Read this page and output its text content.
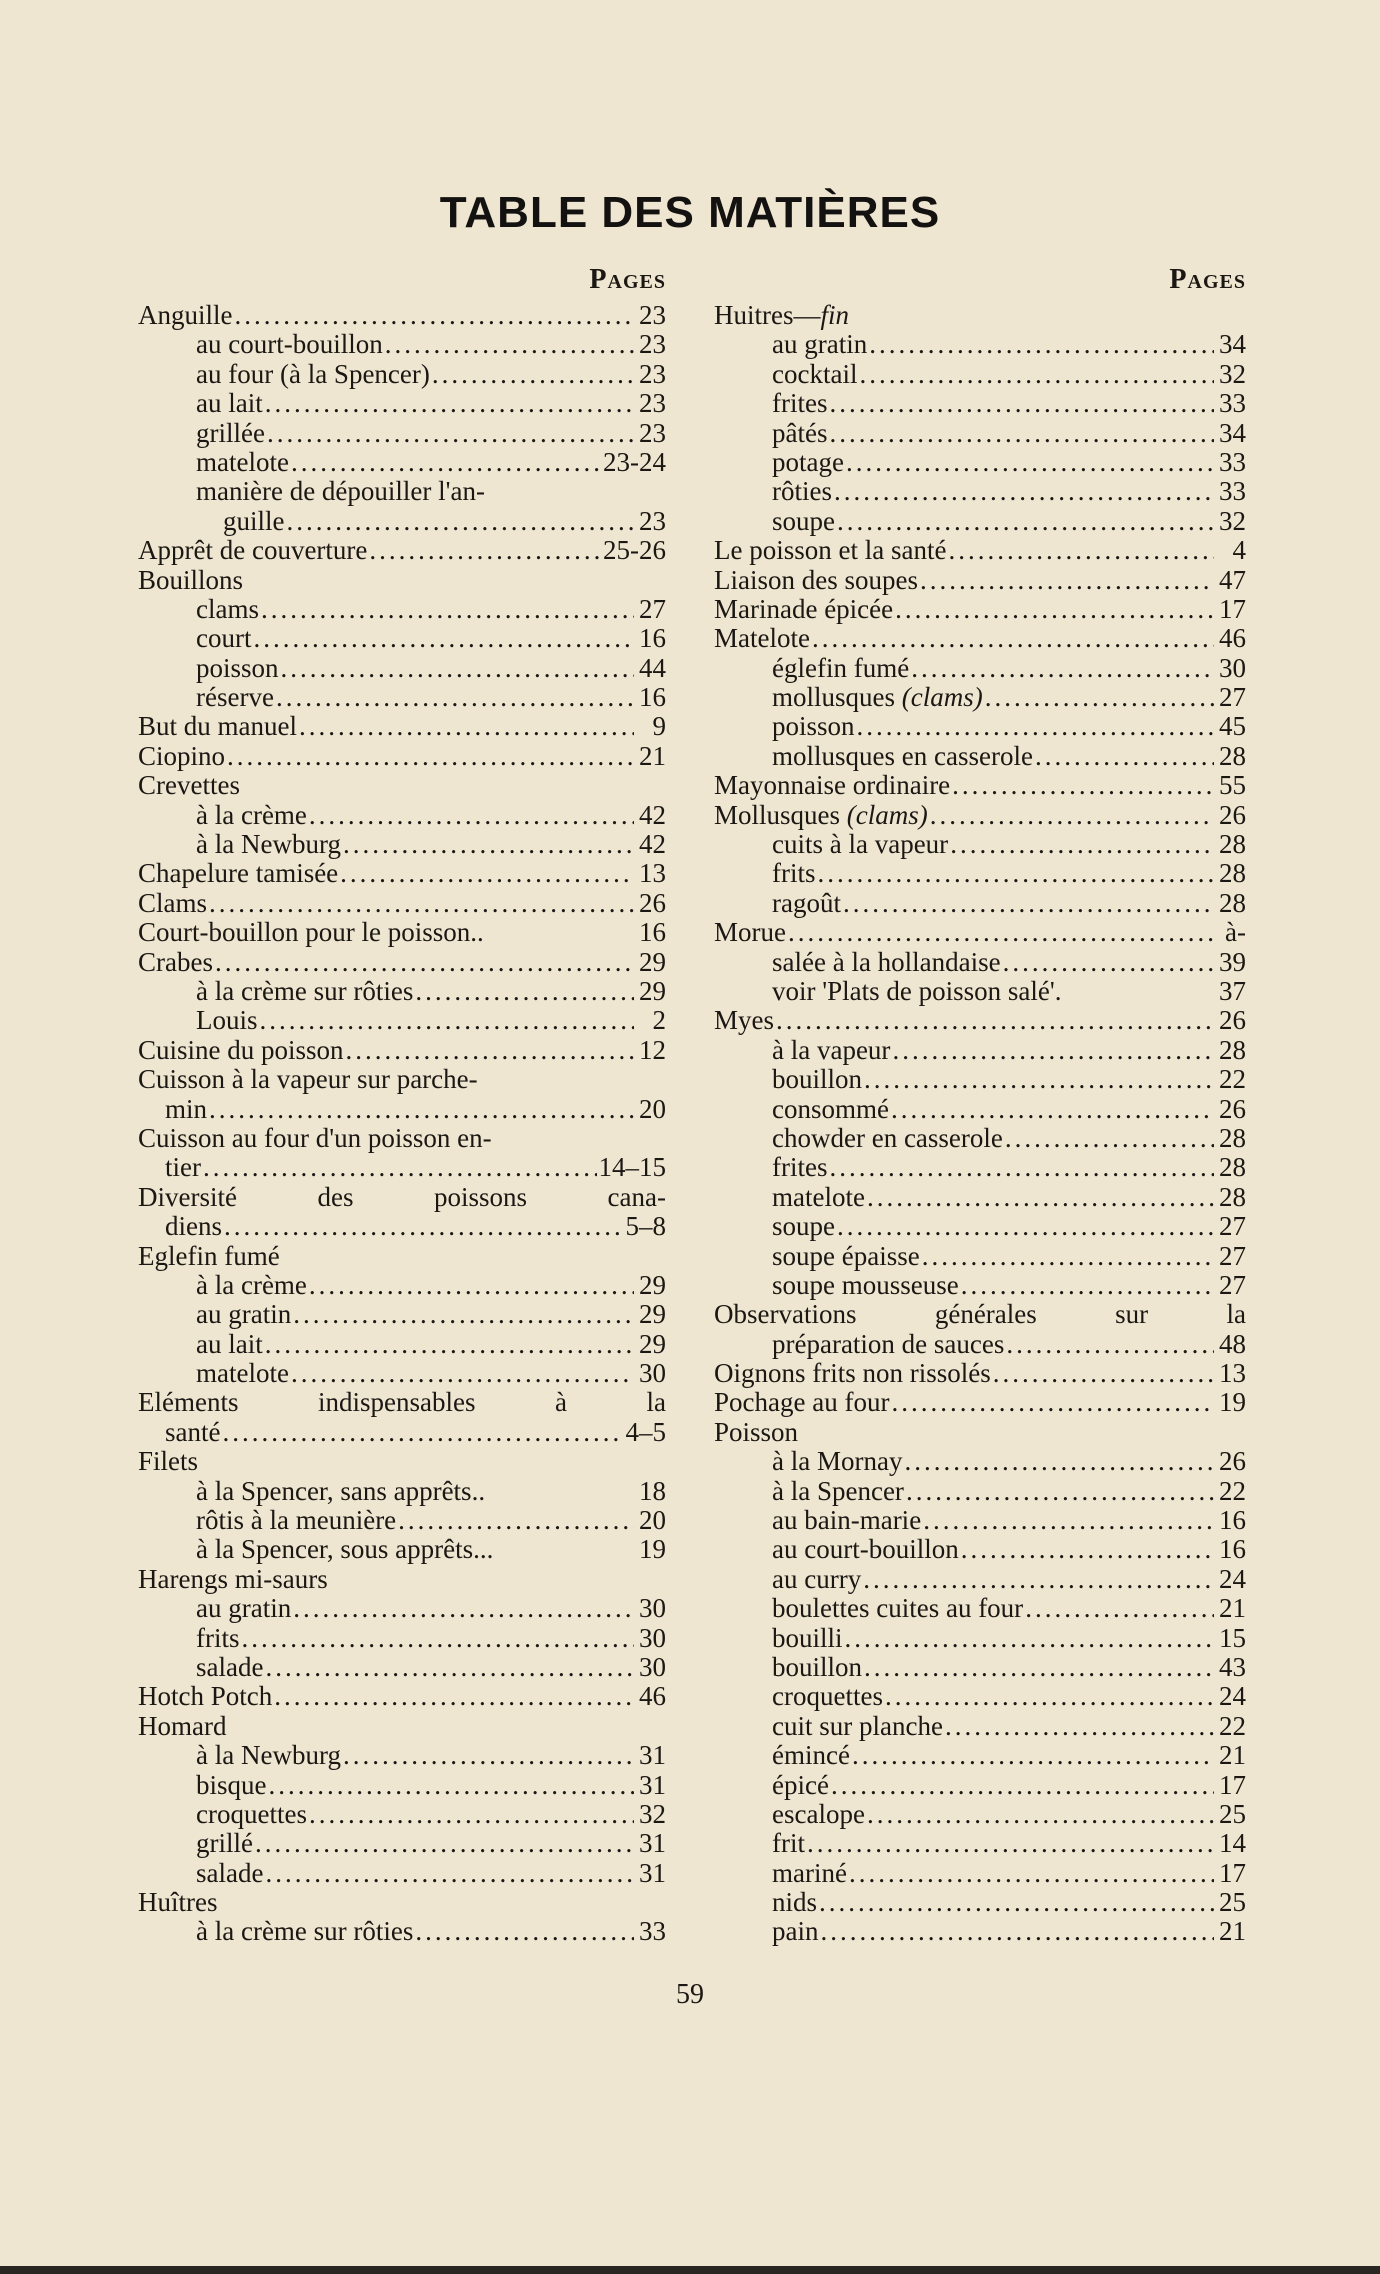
TABLE DES MATIÈRES
Pages
Anguille .....	23
au court-bouillon .....	23
au four (à la Spencer) .....	23
au lait .....	23
grillée .....	23
matelote .....	23-24
manière de dépouiller l'an-
guille .....	23
Apprêt de couverture .....	25-26
Bouillons
clams .....	27
court .....	16
poisson .....	44
réserve .....	16
But du manuel .....	9
Ciopino .....	21
Crevettes
à la crème .....	42
à la Newburg .....	42
Chapelure tamisée .....	13
Clams .....	26
Court-bouillon pour le poisson..	16
Crabes .....	29
à la crème sur rôties .....	29
Louis .....	2
Cuisine du poisson .....	12
Cuisson à la vapeur sur parche-
min .....	20
Cuisson au four d'un poisson en-
tier .....	14–15
Diversité des poissons cana-
diens .....	5–8
Eglefin fumé
à la crème .....	29
au gratin .....	29
au lait .....	29
matelote .....	30
Eléments indispensables à la
santé .....	4–5
Filets
à la Spencer, sans apprêts..	18
rôtis à la meunière .....	20
à la Spencer, sous apprêts...	19
Harengs mi-saurs
au gratin .....	30
frits .....	30
salade .....	30
Hotch Potch .....	46
Homard
à la Newburg .....	31
bisque .....	31
croquettes .....	32
grillé .....	31
salade .....	31
Huîtres
à la crème sur rôties .....	33
Pages
Huitres—fin
au gratin .....	34
cocktail .....	32
frites .....	33
pâtés .....	34
potage .....	33
rôties .....	33
soupe .....	32
Le poisson et la santé .....	4
Liaison des soupes .....	47
Marinade épicée .....	17
Matelote .....	46
églefin fumé .....	30
mollusques (clams) .....	27
poisson .....	45
mollusques en casserole .....	28
Mayonnaise ordinaire .....	55
Mollusques (clams) .....	26
cuits à la vapeur .....	28
frits .....	28
ragoût .....	28
Morue .....	à-
salée à la hollandaise .....	39
voir 'Plats de poisson salé'.	37
Myes .....	26
à la vapeur .....	28
bouillon .....	22
consommé .....	26
chowder en casserole .....	28
frites .....	28
matelote .....	28
soupe .....	27
soupe épaisse .....	27
soupe mousseuse .....	27
Observations générales sur la
préparation de sauces .....	48
Oignons frits non rissolés .....	13
Pochage au four .....	19
Poisson
à la Mornay .....	26
à la Spencer .....	22
au bain-marie .....	16
au court-bouillon .....	16
au curry .....	24
boulettes cuites au four .....	21
bouilli .....	15
bouillon .....	43
croquettes .....	24
cuit sur planche .....	22
émincé .....	21
épicé .....	17
escalope .....	25
frit .....	14
mariné .....	17
nids .....	25
pain .....	21
59
